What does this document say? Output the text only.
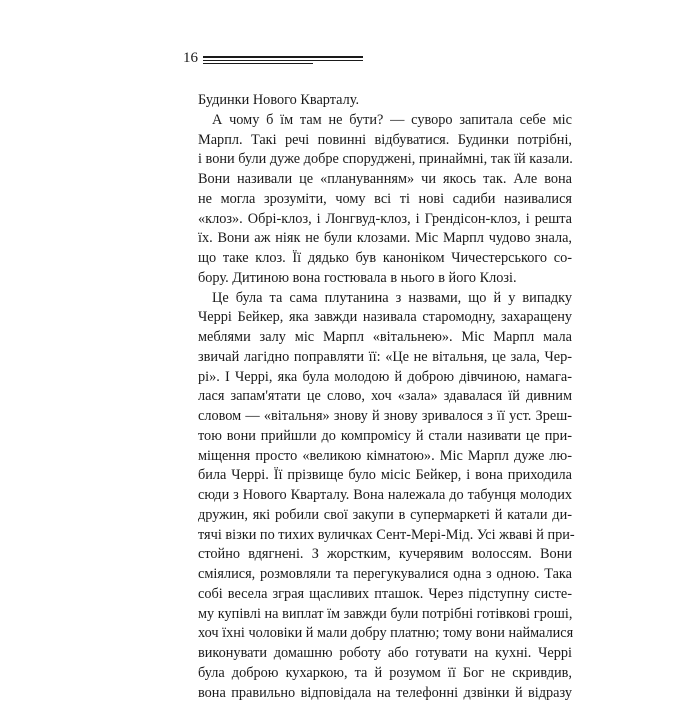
16
Будинки Нового Кварталу.
А чому б їм там не бути? — суворо запитала себе міс
Марпл. Такі речі повинні відбуватися. Будинки потрібні,
і вони були дуже добре споруджені, принаймні, так їй казали.
Вони називали це «плануванням» чи якось так. Але вона
не могла зрозуміти, чому всі ті нові садиби називалися
«клоз». Обрі-клоз, і Лонгвуд-клоз, і Грендісон-клоз, і решта
їх. Вони аж ніяк не були клозами. Міс Марпл чудово знала,
що таке клоз. Її дядько був каноніком Чичестерського со-
бору. Дитиною вона гостювала в нього в його Клозі.
Це була та сама плутанина з назвами, що й у випадку
Черрі Бейкер, яка завжди називала старомодну, захаращену
меблями залу міс Марпл «вітальнею». Міс Марпл мала
звичай лагідно поправляти її: «Це не вітальня, це зала, Чер-
рі». І Черрі, яка була молодою й доброю дівчиною, намага-
лася запам'ятати це слово, хоч «зала» здавалася їй дивним
словом — «вітальня» знову й знову зривалося з її уст. Зреш-
тою вони прийшли до компромісу й стали називати це при-
міщення просто «великою кімнатою». Міс Марпл дуже лю-
била Черрі. Її прізвище було місіс Бейкер, і вона приходила
сюди з Нового Кварталу. Вона належала до табунця молодих
дружин, які робили свої закупи в супермаркеті й катали ди-
тячі візки по тихих вуличках Сент-Мері-Мід. Усі жваві й при-
стойно вдягнені. З жорстким, кучерявим волоссям. Вони
сміялися, розмовляли та перегукувалися одна з одною. Така
собі весела зграя щасливих пташок. Через підступну систе-
му купівлі на виплат їм завжди були потрібні готівкові гроші,
хоч їхні чоловіки й мали добру платню; тому вони наймалися
виконувати домашню роботу або готувати на кухні. Черрі
була доброю кухаркою, та й розумом її Бог не скривдив,
вона правильно відповідала на телефонні дзвінки й відразу
